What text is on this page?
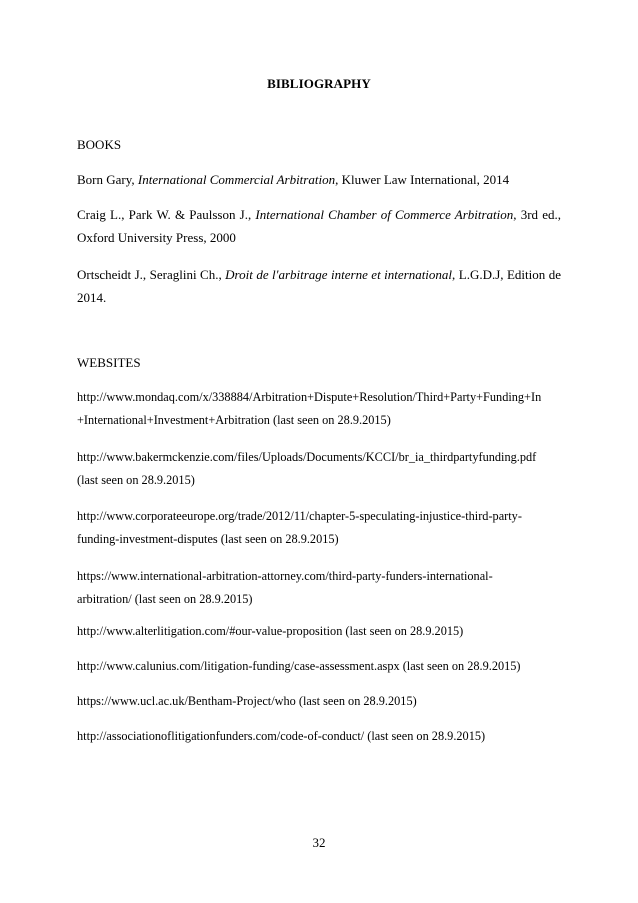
BIBLIOGRAPHY
BOOKS
Born Gary, International Commercial Arbitration, Kluwer Law International, 2014
Craig L., Park W. & Paulsson J., International Chamber of Commerce Arbitration, 3rd ed., Oxford University Press, 2000
Ortscheidt J., Seraglini Ch., Droit de l'arbitrage interne et international, L.G.D.J, Edition de 2014.
WEBSITES
http://www.mondaq.com/x/338884/Arbitration+Dispute+Resolution/Third+Party+Funding+In
+International+Investment+Arbitration (last seen on 28.9.2015)
http://www.bakermckenzie.com/files/Uploads/Documents/KCCI/br_ia_thirdpartyfunding.pdf
(last seen on 28.9.2015)
http://www.corporateeurope.org/trade/2012/11/chapter-5-speculating-injustice-third-party-
funding-investment-disputes (last seen on 28.9.2015)
https://www.international-arbitration-attorney.com/third-party-funders-international-
arbitration/ (last seen on 28.9.2015)
http://www.alterlitigation.com/#our-value-proposition (last seen on 28.9.2015)
http://www.calunius.com/litigation-funding/case-assessment.aspx (last seen on 28.9.2015)
https://www.ucl.ac.uk/Bentham-Project/who (last seen on 28.9.2015)
http://associationoflitigationfunders.com/code-of-conduct/ (last seen on 28.9.2015)
32
